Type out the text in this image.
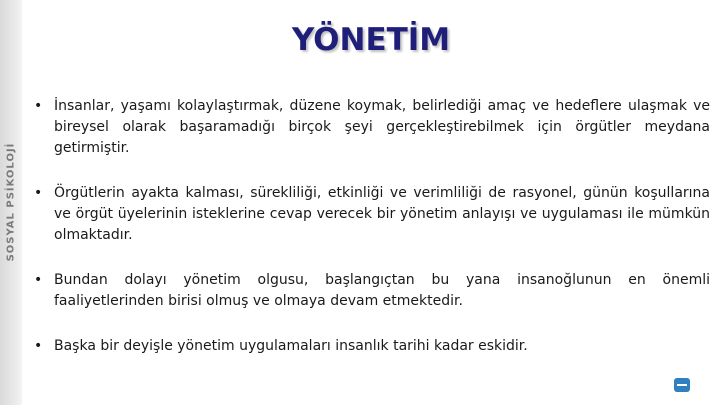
SOSYAL PSİKOLOJİ
YÖNETİM
• İnsanlar, yaşamı kolaylaştırmak, düzene koymak, belirlediği amaç ve hedeflere ulaşmak ve bireysel olarak başaramadığı birçok şeyi gerçekleştirebilmek için örgütler meydana getirmiştir.
• Örgütlerin ayakta kalması, sürekliliği, etkinliği ve verimliliği de rasyonel, günün koşullarına ve örgüt üyelerinin isteklerine cevap verecek bir yönetim anlayışı ve uygulaması ile mümkün olmaktadır.
• Bundan dolayı yönetim olgusu, başlangıçtan bu yana insanoğlunun en önemli faaliyetlerinden birisi olmuş ve olmaya devam etmektedir.
• Başka bir deyişle yönetim uygulamaları insanlık tarihi kadar eskidir.
